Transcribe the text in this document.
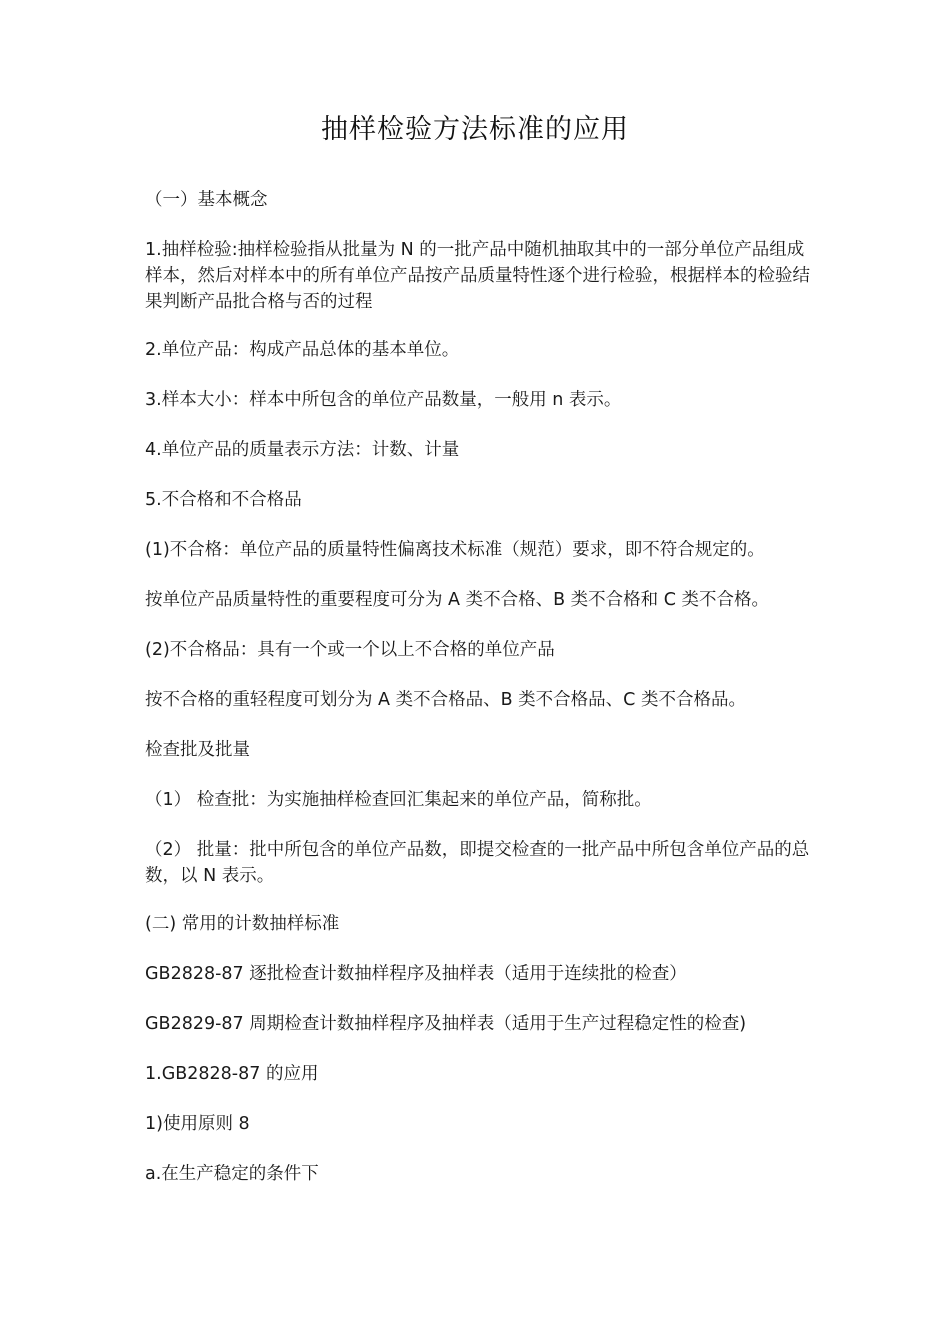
抽样检验方法标准的应用
（一）基本概念
1.抽样检验:抽样检验指从批量为 N 的一批产品中随机抽取其中的一部分单位产品组成样本，然后对样本中的所有单位产品按产品质量特性逐个进行检验，根据样本的检验结果判断产品批合格与否的过程
2.单位产品：构成产品总体的基本单位。
3.样本大小：样本中所包含的单位产品数量，一般用 n 表示。
4.单位产品的质量表示方法：计数、计量
5.不合格和不合格品
(1)不合格：单位产品的质量特性偏离技术标准（规范）要求，即不符合规定的。
按单位产品质量特性的重要程度可分为 A 类不合格、B 类不合格和 C 类不合格。
(2)不合格品：具有一个或一个以上不合格的单位产品
按不合格的重轻程度可划分为 A 类不合格品、B 类不合格品、C 类不合格品。
检查批及批量
（1） 检查批：为实施抽样检查回汇集起来的单位产品，简称批。
（2） 批量：批中所包含的单位产品数，即提交检查的一批产品中所包含单位产品的总数，以 N 表示。
(二) 常用的计数抽样标准
GB2828-87 逐批检查计数抽样程序及抽样表（适用于连续批的检查）
GB2829-87 周期检查计数抽样程序及抽样表（适用于生产过程稳定性的检查)
1.GB2828-87 的应用
1)使用原则 8
a.在生产稳定的条件下
